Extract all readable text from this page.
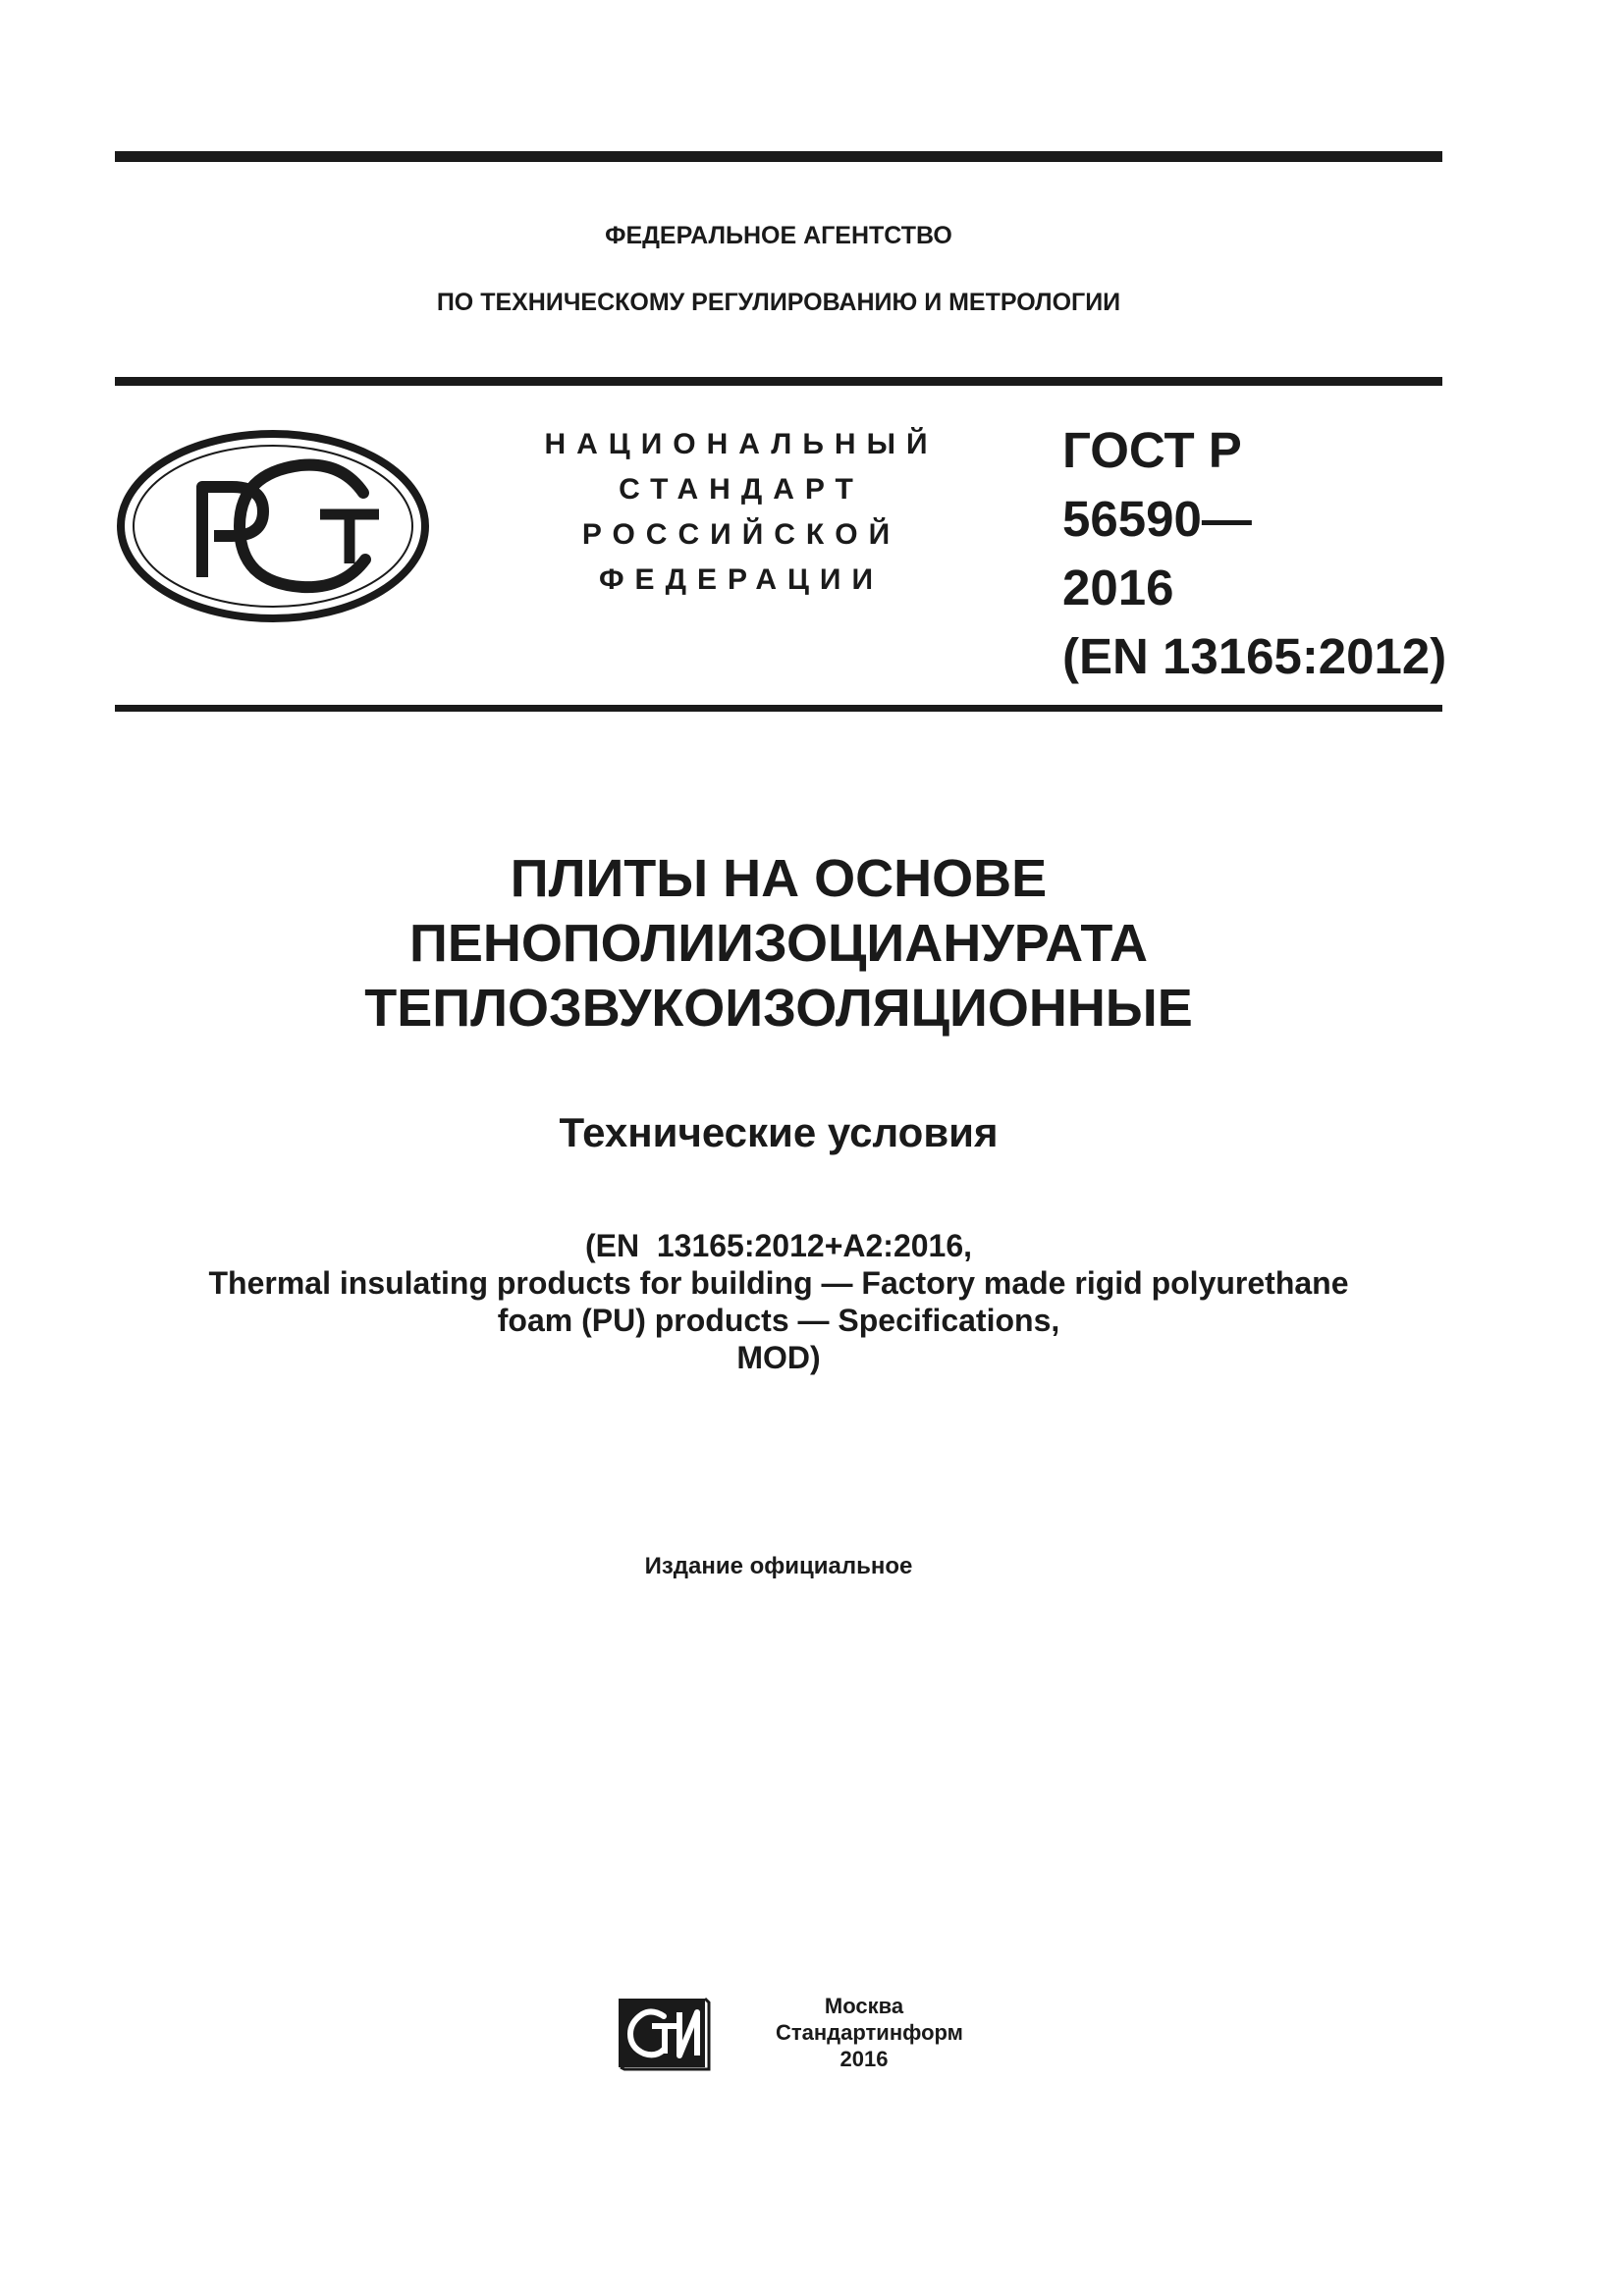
ФЕДЕРАЛЬНОЕ АГЕНТСТВО
ПО ТЕХНИЧЕСКОМУ РЕГУЛИРОВАНИЮ И МЕТРОЛОГИИ
НАЦИОНАЛЬНЫЙ
СТАНДАРТ
РОССИЙСКОЙ
ФЕДЕРАЦИИ
ГОСТ Р
56590—
2016
(EN 13165:2012)
ПЛИТЫ НА ОСНОВЕ
ПЕНОПОЛИИЗОЦИАНУРАТА
ТЕПЛОЗВУКОИЗОЛЯЦИОННЫЕ
Технические условия
(EN  13165:2012+A2:2016,
Thermal insulating products for building — Factory made rigid polyurethane
foam (PU) products — Specifications,
MOD)
Издание официальное
Москва
Стандартинформ
2016
